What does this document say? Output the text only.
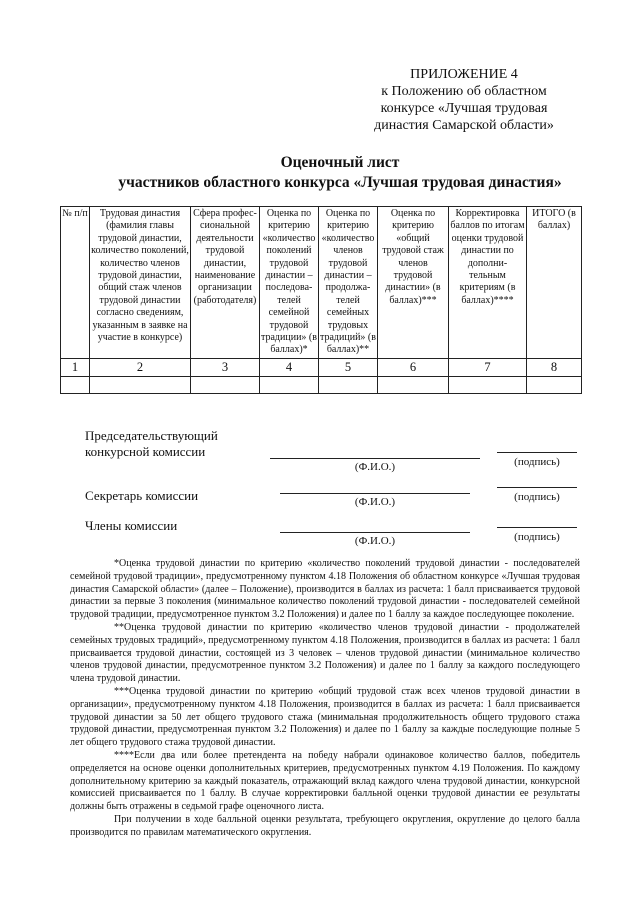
ПРИЛОЖЕНИЕ 4
к Положению об областном
конкурсе «Лучшая трудовая
династия Самарской области»
Оценочный лист
участников областного конкурса «Лучшая трудовая династия»
№ п/п	Трудовая династия (фамилия главы трудовой династии, количество поколений, количество членов трудовой династии, общий стаж членов трудовой династии согласно сведениям, указанным в заявке на участие в конкурсе)	Сфера профес-сиональной деятельности трудовой династии, наименование организации (работодателя)	Оценка по критерию «количество поколений трудовой династии – последова-телей семейной трудовой традиции» (в баллах)*	Оценка по критерию «количество членов трудовой династии – продолжа-телей семейных трудовых традиций» (в баллах)**	Оценка по критерию «общий трудовой стаж членов трудовой династии» (в баллах)***	Корректировка баллов по итогам оценки трудовой династии по дополни-тельным критериям (в баллах)****	ИТОГО (в баллах)
1	2	3	4	5	6	7	8

Председательствующий
конкурсной комиссии
(Ф.И.О.)	(подпись)
Секретарь комиссии	(Ф.И.О.)	(подпись)
Члены комиссии
(Ф.И.О.)	(подпись)

*Оценка трудовой династии по критерию «количество поколений трудовой династии - последователей семейной трудовой традиции», предусмотренному пунктом 4.18 Положения об областном конкурсе «Лучшая трудовая династия Самарской области» (далее – Положение), производится в баллах из расчета: 1 балл присваивается трудовой династии за первые 3 поколения (минимальное количество поколений трудовой династии - последователей семейной трудовой традиции, предусмотренное пунктом 3.2 Положения) и далее по 1 баллу за каждое последующее поколение.

**Оценка трудовой династии по критерию «количество членов трудовой династии - продолжателей семейных трудовых традиций», предусмотренному пунктом 4.18 Положения, производится в баллах из расчета: 1 балл присваивается трудовой династии, состоящей из 3 человек – членов трудовой династии (минимальное количество членов трудовой династии, предусмотренное пунктом 3.2 Положения) и далее по 1 баллу за каждого последующего члена трудовой династии.

***Оценка трудовой династии по критерию «общий трудовой стаж всех членов трудовой династии в организации», предусмотренному пунктом 4.18 Положения, производится в баллах из расчета: 1 балл присваивается трудовой династии за 50 лет общего трудового стажа (минимальная продолжительность общего трудового стажа трудовой династии, предусмотренная пунктом 3.2 Положения) и далее по 1 баллу за каждые последующие полные 5 лет общего трудового стажа трудовой династии.

****Если два или более претендента на победу набрали одинаковое количество баллов, победитель определяется на основе оценки дополнительных критериев, предусмотренных пунктом 4.19 Положения. По каждому дополнительному критерию за каждый показатель, отражающий вклад каждого члена трудовой династии, конкурсной комиссией присваивается по 1 баллу. В случае корректировки балльной оценки трудовой династии ее результаты должны быть отражены в седьмой графе оценочного листа.

При получении в ходе балльной оценки результата, требующего округления, округление до целого балла производится по правилам математического округления.
